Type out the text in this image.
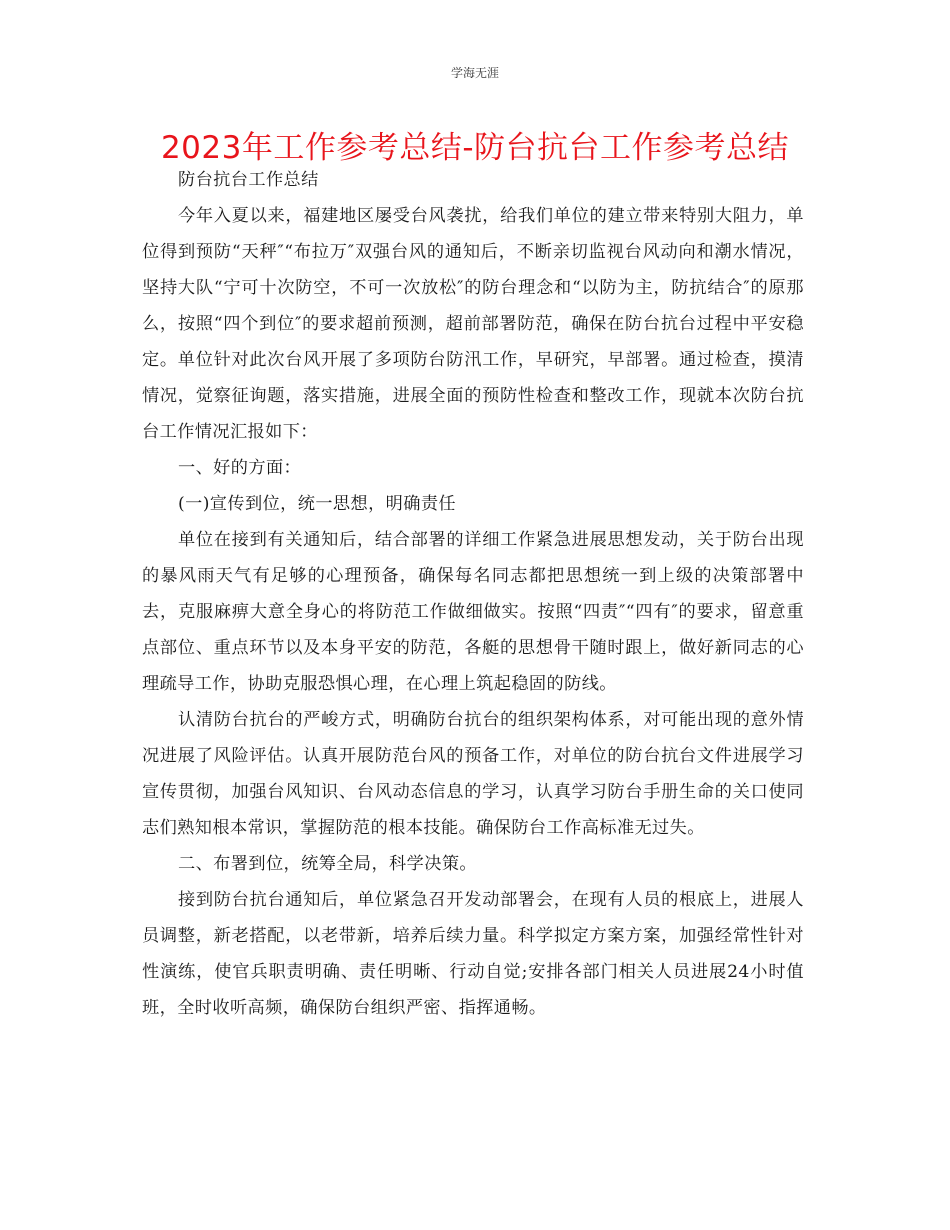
学海无涯
2023年工作参考总结-防台抗台工作参考总结

防台抗台工作总结

今年入夏以来，福建地区屡受台风袭扰，给我们单位的建立带来特别大阻力，单位得到预防“天秤″“布拉万″双强台风的通知后，不断亲切监视台风动向和潮水情况，坚持大队“宁可十次防空，不可一次放松″的防台理念和“以防为主，防抗结合″的原那么，按照“四个到位″的要求超前预测，超前部署防范，确保在防台抗台过程中平安稳定。单位针对此次台风开展了多项防台防汛工作，早研究，早部署。通过检查，摸清情况，觉察征询题，落实措施，进展全面的预防性检查和整改工作，现就本次防台抗台工作情况汇报如下：

一、好的方面：

(一)宣传到位，统一思想，明确责任

单位在接到有关通知后，结合部署的详细工作紧急进展思想发动，关于防台出现的暴风雨天气有足够的心理预备，确保每名同志都把思想统一到上级的决策部署中去，克服麻痹大意全身心的将防范工作做细做实。按照“四责″“四有″的要求，留意重点部位、重点环节以及本身平安的防范，各艇的思想骨干随时跟上，做好新同志的心理疏导工作，协助克服恐惧心理，在心理上筑起稳固的防线。

认清防台抗台的严峻方式，明确防台抗台的组织架构体系，对可能出现的意外情况进展了风险评估。认真开展防范台风的预备工作，对单位的防台抗台文件进展学习宣传贯彻，加强台风知识、台风动态信息的学习，认真学习防台手册生命的关口使同志们熟知根本常识，掌握防范的根本技能。确保防台工作高标准无过失。

二、布署到位，统筹全局，科学决策。

接到防台抗台通知后，单位紧急召开发动部署会，在现有人员的根底上，进展人员调整，新老搭配，以老带新，培养后续力量。科学拟定方案方案，加强经常性针对性演练，使官兵职责明确、责任明晰、行动自觉;安排各部门相关人员进展24小时值班，全时收听高频，确保防台组织严密、指挥通畅。
